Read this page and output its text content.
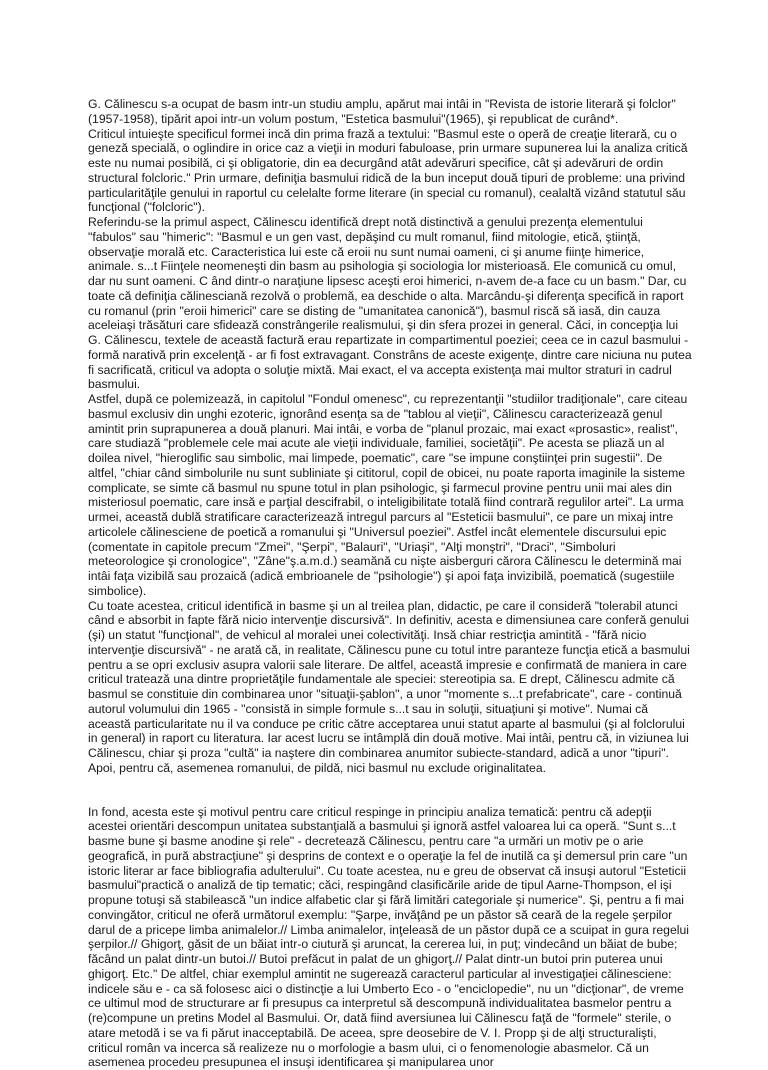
G. Călinescu s-a ocupat de basm intr-un studiu amplu, apărut mai intâi in "Revista de istorie literară şi folclor"(1957-1958), tipărit apoi intr-un volum postum, "Estetica basmului"(1965), şi republicat de curând*.

Criticul intuieşte specificul formei incă din prima frază a textului: "Basmul este o operă de creaţie literară, cu o geneză specială, o oglindire in orice caz a vieţii in moduri fabuloase, prin urmare supunerea lui la analiza critică este nu numai posibilă, ci şi obligatorie, din ea decurgând atât adevăruri specifice, cât şi adevăruri de ordin structural folcloric." Prin urmare, definiţia basmului ridică de la bun inceput două tipuri de probleme: una privind particularităţile genului in raportul cu celelalte forme literare (in special cu romanul), cealaltă vizând statutul său funcţional ("folcloric").

Referindu-se la primul aspect, Călinescu identifică drept notă distinctivă a genului prezenţa elementului "fabulos" sau "himeric": "Basmul e un gen vast, depăşind cu mult romanul, fiind mitologie, etică, ştiinţă, observaţie morală etc. Caracteristica lui este că eroii nu sunt numai oameni, ci şi anume fiinţe himerice, animale. s...t Fiinţele neomeneşti din basm au psihologia şi sociologia lor misterioasă. Ele comunică cu omul, dar nu sunt oameni. C ând dintr-o naraţiune lipsesc aceşti eroi himerici, n-avem de-a face cu un basm." Dar, cu toate că definiţia călinesciană rezolvă o problemă, ea deschide o alta. Marcându-şi diferenţa specifică in raport cu romanul (prin "eroii himerici" care se disting de "umanitatea canonică"), basmul riscă să iasă, din cauza aceleiaşi trăsături care sfidează constrângerile realismului, şi din sfera prozei in general. Căci, in concepţia lui G. Călinescu, textele de această factură erau repartizate in compartimentul poeziei; ceea ce in cazul basmului - formă narativă prin excelenţă - ar fi fost extravagant. Constrâns de aceste exigenţe, dintre care niciuna nu putea fi sacrificată, criticul va adopta o soluţie mixtă. Mai exact, el va accepta existenţa mai multor straturi in cadrul basmului.

Astfel, după ce polemizează, in capitolul "Fondul omenesc", cu reprezentanţii "studiilor tradiţionale", care citeau basmul exclusiv din unghi ezoteric, ignorând esenţa sa de "tablou al vieţii", Călinescu caracterizează genul amintit prin suprapunerea a două planuri. Mai intâi, e vorba de "planul prozaic, mai exact «prosastic», realist", care studiază "problemele cele mai acute ale vieţii individuale, familiei, societăţii". Pe acesta se pliază un al doilea nivel, "hieroglific sau simbolic, mai limpede, poematic", care "se impune conştiinţei prin sugestii". De altfel, "chiar când simbolurile nu sunt subliniate şi cititorul, copil de obicei, nu poate raporta imaginile la sisteme complicate, se simte că basmul nu spune totul in plan psihologic, şi farmecul provine pentru unii mai ales din misteriosul poematic, care insă e parţial descifrabil, o inteligibilitate totală fiind contrară regulilor artei". La urma urmei, această dublă stratificare caracterizează intregul parcurs al "Esteticii basmului", ce pare un mixaj intre articolele călinesciene de poetică a romanului şi "Universul poeziei". Astfel incât elementele discursului epic (comentate in capitole precum "Zmei", "Şerpi", "Balauri", "Uriaşi", "Alţi monştri", "Draci", "Simboluri meteorologice şi cronologice", "Zâne"ş.a.m.d.) seamănă cu nişte aisberguri cărora Călinescu le determină mai intâi faţa vizibilă sau prozaică (adică embrioanele de "psihologie") şi apoi faţa invizibilă, poematică (sugestiile simbolice).

Cu toate acestea, criticul identifică in basme şi un al treilea plan, didactic, pe care il consideră "tolerabil atunci când e absorbit in fapte fără nicio intervenţie discursivă". In definitiv, acesta e dimensiunea care conferă genului (şi) un statut "funcţional", de vehicul al moralei unei colectivităţi. Insă chiar restricţia amintită - "fără nicio intervenţie discursivă" - ne arată că, in realitate, Călinescu pune cu totul intre paranteze funcţia etică a basmului pentru a se opri exclusiv asupra valorii sale literare. De altfel, această impresie e confirmată de maniera in care criticul tratează una dintre proprietăţile fundamentale ale speciei: stereotipia sa. E drept, Călinescu admite că basmul se constituie din combinarea unor "situaţii-şablon", a unor "momente s...t prefabricate", care - continuă autorul volumului din 1965 - "consistă in simple formule s...t sau in soluţii, situaţiuni şi motive". Numai că această particularitate nu il va conduce pe critic către acceptarea unui statut aparte al basmului (şi al folclorului in general) in raport cu literatura. Iar acest lucru se intâmplă din două motive. Mai intâi, pentru că, in viziunea lui Călinescu, chiar şi proza "cultă" ia naştere din combinarea anumitor subiecte-standard, adică a unor "tipuri". Apoi, pentru că, asemenea romanului, de pildă, nici basmul nu exclude originalitatea.

In fond, acesta este şi motivul pentru care criticul respinge in principiu analiza tematică: pentru că adepţii acestei orientări descompun unitatea substanţială a basmului şi ignoră astfel valoarea lui ca operă. "Sunt s...t basme bune şi basme anodine şi rele" - decretează Călinescu, pentru care "a urmări un motiv pe o arie geografică, in pură abstracţiune" şi desprins de context e o operaţie la fel de inutilă ca şi demersul prin care "un istoric literar ar face bibliografia adulterului". Cu toate acestea, nu e greu de observat că insuşi autorul "Esteticii basmului"practică o analiză de tip tematic; căci, respingând clasificările aride de tipul Aarne-Thompson, el işi propune totuşi să stabilească "un indice alfabetic clar şi fără limitări categoriale şi numerice". Şi, pentru a fi mai convingător, criticul ne oferă următorul exemplu: "Şarpe, invăţând pe un păstor să ceară de la regele şerpilor darul de a pricepe limba animalelor.// Limba animalelor, inţeleasă de un păstor după ce a scuipat in gura regelui şerpilor.// Ghigorţ, găsit de un băiat intr-o ciutură şi aruncat, la cererea lui, in puţ; vindecând un băiat de bube; făcând un palat dintr-un butoi.// Butoi prefăcut in palat de un ghigorţ.// Palat dintr-un butoi prin puterea unui ghigorţ. Etc." De altfel, chiar exemplul amintit ne sugerează caracterul particular al investigaţiei călinesciene: indicele său e - ca să folosesc aici o distincţie a lui Umberto Eco - o "enciclopedie", nu un "dicţionar", de vreme ce ultimul mod de structurare ar fi presupus ca interpretul să descompună individualitatea basmelor pentru a (re)compune un pretins Model al Basmului. Or, dată fiind aversiunea lui Călinescu faţă de "formele" sterile, o atare metodă i se va fi părut inacceptabilă. De aceea, spre deosebire de V. I. Propp şi de alţi structuralişti, criticul român va incerca să realizeze nu o morfologie a basm ului, ci o fenomenologie abasmelor. Că un asemenea procedeu presupunea el insuşi identificarea şi manipularea unor
